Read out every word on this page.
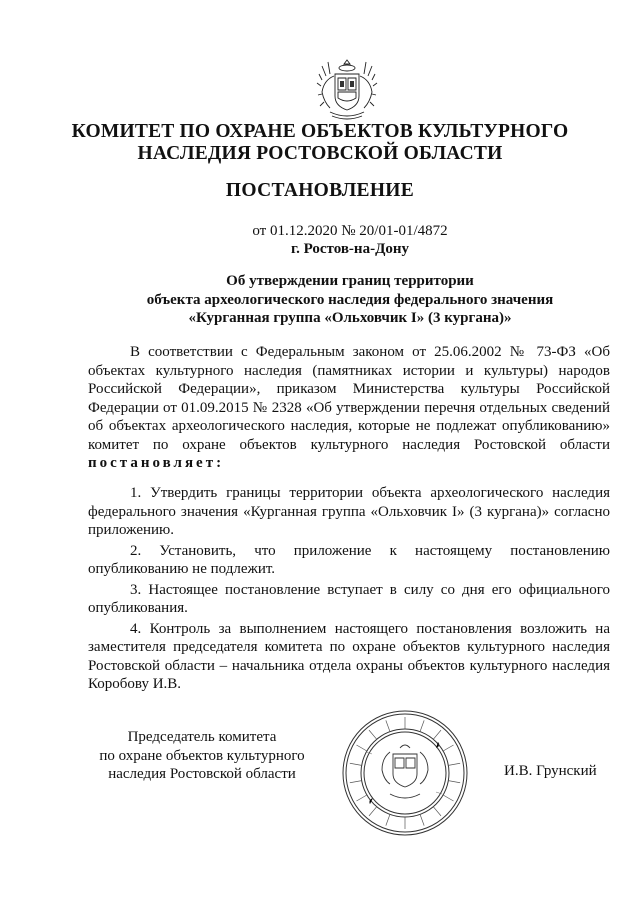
КОМИТЕТ ПО ОХРАНЕ ОБЪЕКТОВ КУЛЬТУРНОГО
НАСЛЕДИЯ РОСТОВСКОЙ ОБЛАСТИ
ПОСТАНОВЛЕНИЕ
от 01.12.2020 № 20/01-01/4872
г. Ростов-на-Дону
Об утверждении границ территории
объекта археологического наследия федерального значения
«Курганная группа «Ольховчик I» (3 кургана)»
В соответствии с Федеральным законом от 25.06.2002 № 73-ФЗ «Об объектах культурного наследия (памятниках истории и культуры) народов Российской Федерации», приказом Министерства культуры Российской Федерации от 01.09.2015 № 2328 «Об утверждении перечня отдельных сведений об объектах археологического наследия, которые не подлежат опубликованию» комитет по охране объектов культурного наследия Ростовской области постановляет:

1. Утвердить границы территории объекта археологического наследия федерального значения «Курганная группа «Ольховчик I» (3 кургана)» согласно приложению.

2. Установить, что приложение к настоящему постановлению опубликованию не подлежит.

3. Настоящее постановление вступает в силу со дня его официального опубликования.

4. Контроль за выполнением настоящего постановления возложить на заместителя председателя комитета по охране объектов культурного наследия Ростовской области – начальника отдела охраны объектов культурного наследия Коробову И.В.

Председатель комитета
по охране объектов культурного
наследия Ростовской области	И.В. Грунский
